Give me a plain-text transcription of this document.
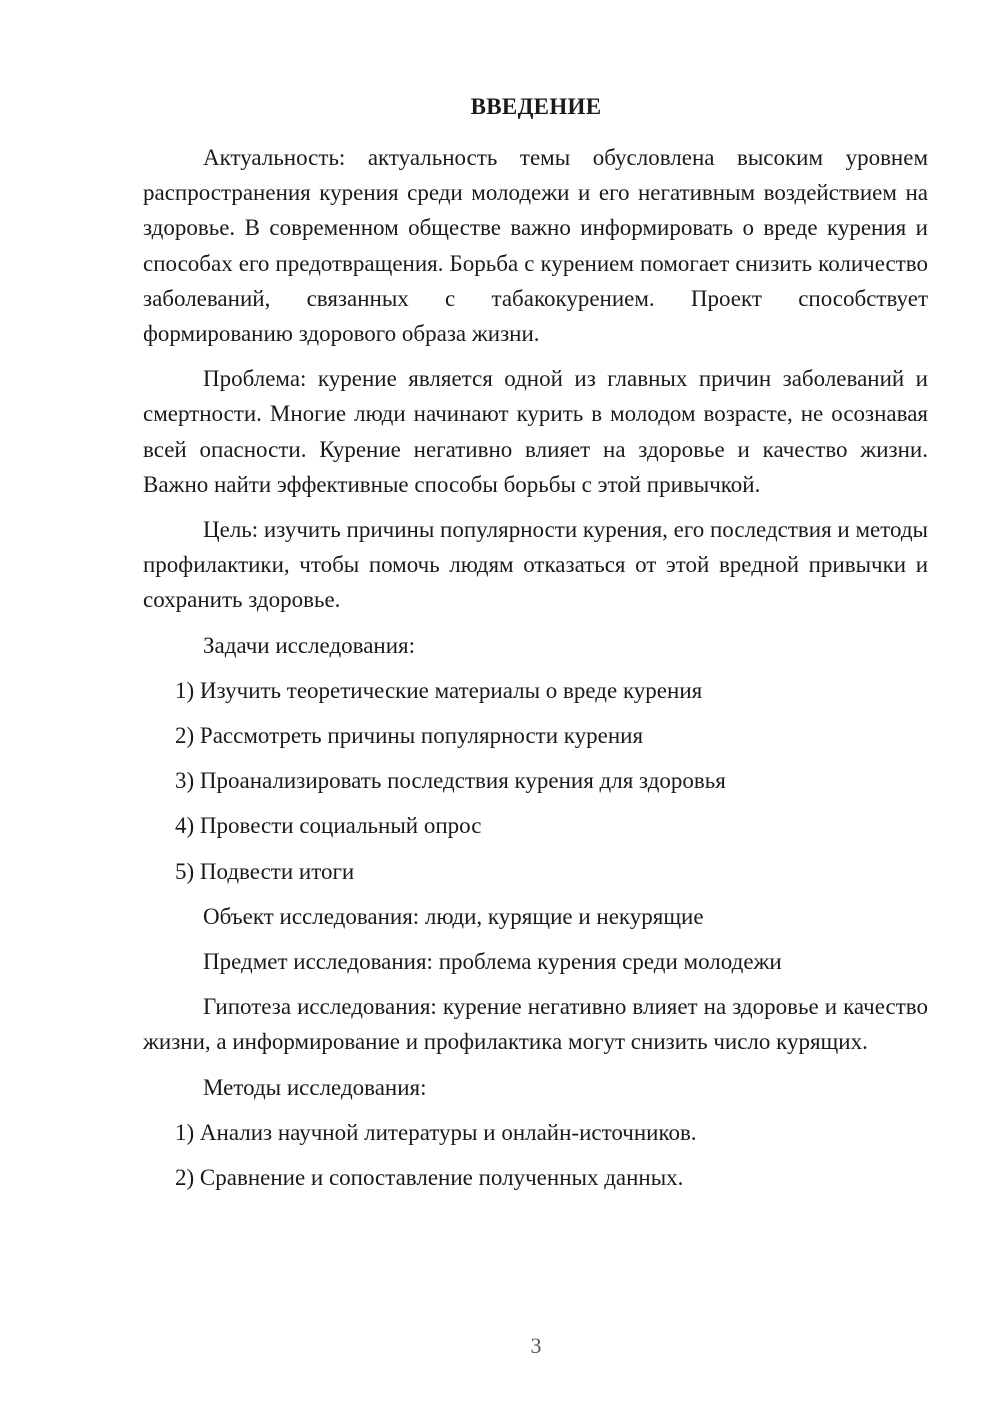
ВВЕДЕНИЕ

Актуальность: актуальность темы обусловлена высоким уровнем распространения курения среди молодежи и его негативным воздействием на здоровье. В современном обществе важно информировать о вреде курения и способах его предотвращения. Борьба с курением помогает снизить количество заболеваний, связанных с табакокурением. Проект способствует формированию здорового образа жизни.

Проблема: курение является одной из главных причин заболеваний и смертности. Многие люди начинают курить в молодом возрасте, не осознавая всей опасности. Курение негативно влияет на здоровье и качество жизни. Важно найти эффективные способы борьбы с этой привычкой.

Цель: изучить причины популярности курения, его последствия и методы профилактики, чтобы помочь людям отказаться от этой вредной привычки и сохранить здоровье.

Задачи исследования:

1) Изучить теоретические материалы о вреде курения

2) Рассмотреть причины популярности курения

3) Проанализировать последствия курения для здоровья

4) Провести социальный опрос

5) Подвести итоги

Объект исследования: люди, курящие и некурящие

Предмет исследования: проблема курения среди молодежи

Гипотеза исследования: курение негативно влияет на здоровье и качество жизни, а информирование и профилактика могут снизить число курящих.

Методы исследования:

1) Анализ научной литературы и онлайн-источников.

2) Сравнение и сопоставление полученных данных.

3
